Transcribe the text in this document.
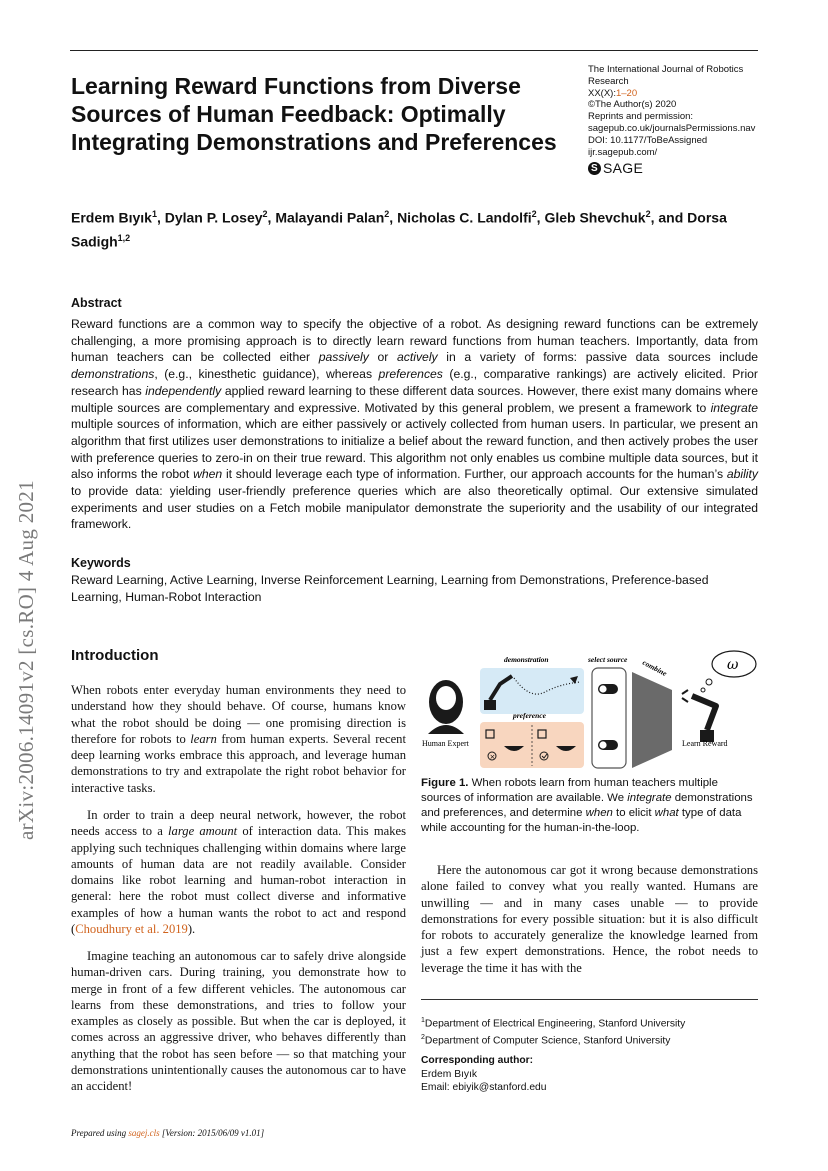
Learning Reward Functions from Diverse Sources of Human Feedback: Optimally Integrating Demonstrations and Preferences
The International Journal of Robotics Research
XX(X):1–20
©The Author(s) 2020
Reprints and permission:
sagepub.co.uk/journalsPermissions.nav
DOI: 10.1177/ToBeAssigned
ijr.sagepub.com/
S SAGE
Erdem Bıyık$^1$, Dylan P. Losey$^2$, Malayandi Palan$^2$, Nicholas C. Landolfi$^2$, Gleb Shevchuk$^2$, and Dorsa Sadigh$^{1,2}$
Abstract
Reward functions are a common way to specify the objective of a robot. As designing reward functions can be extremely challenging, a more promising approach is to directly learn reward functions from human teachers. Importantly, data from human teachers can be collected either passively or actively in a variety of forms: passive data sources include demonstrations, (e.g., kinesthetic guidance), whereas preferences (e.g., comparative rankings) are actively elicited. Prior research has independently applied reward learning to these different data sources. However, there exist many domains where multiple sources are complementary and expressive. Motivated by this general problem, we present a framework to integrate multiple sources of information, which are either passively or actively collected from human users. In particular, we present an algorithm that first utilizes user demonstrations to initialize a belief about the reward function, and then actively probes the user with preference queries to zero-in on their true reward. This algorithm not only enables us combine multiple data sources, but it also informs the robot when it should leverage each type of information. Further, our approach accounts for the human’s ability to provide data: yielding user-friendly preference queries which are also theoretically optimal. Our extensive simulated experiments and user studies on a Fetch mobile manipulator demonstrate the superiority and the usability of our integrated framework.
Keywords
Reward Learning, Active Learning, Inverse Reinforcement Learning, Learning from Demonstrations, Preference-based Learning, Human-Robot Interaction
arXiv:2006.14091v2 [cs.RO] 4 Aug 2021 Introduction
When robots enter everyday human environments they need to understand how they should behave. Of course, humans know what the robot should be doing — one promising direction is therefore for robots to learn from human experts. Several recent deep learning works embrace this approach, and leverage human demonstrations to try and extrapolate the right robot behavior for interactive tasks.
In order to train a deep neural network, however, the robot needs access to a large amount of interaction data. This makes applying such techniques challenging within domains where large amounts of human data are not readily available. Consider domains like robot learning and human-robot interaction in general: here the robot must collect diverse and informative examples of how a human wants the robot to act and respond (Choudhury et al. 2019).
Imagine teaching an autonomous car to safely drive alongside human-driven cars. During training, you demonstrate how to merge in front of a few different vehicles. The autonomous car learns from these demonstrations, and tries to follow your examples as closely as possible. But when the car is deployed, it comes across an aggressive driver, who behaves differently than anything that the robot has seen before — so that matching your demonstrations unintentionally causes the autonomous car to have an accident!
Here the autonomous car got it wrong because demonstrations alone failed to convey what you really wanted. Humans are unwilling — and in many cases unable — to provide demonstrations for every possible situation: but it is also difficult for robots to accurately generalize the knowledge learned from just a few expert demonstrations. Hence, the robot needs to leverage the time it has with the
Human Expert
demonstration
preference
×
select source combine	ω
Learn Reward
Figure 1. When robots learn from human teachers multiple sources of information are available. We integrate demonstrations and preferences, and determine when to elicit what type of data while accounting for the human-in-the-loop.
$^1$Department of Electrical Engineering, Stanford University
$^2$Department of Computer Science, Stanford University
Corresponding author:
Erdem Bıyık
Email: ebiyik@stanford.edu
Prepared using sagej.cls [Version: 2015/06/09 v1.01]
